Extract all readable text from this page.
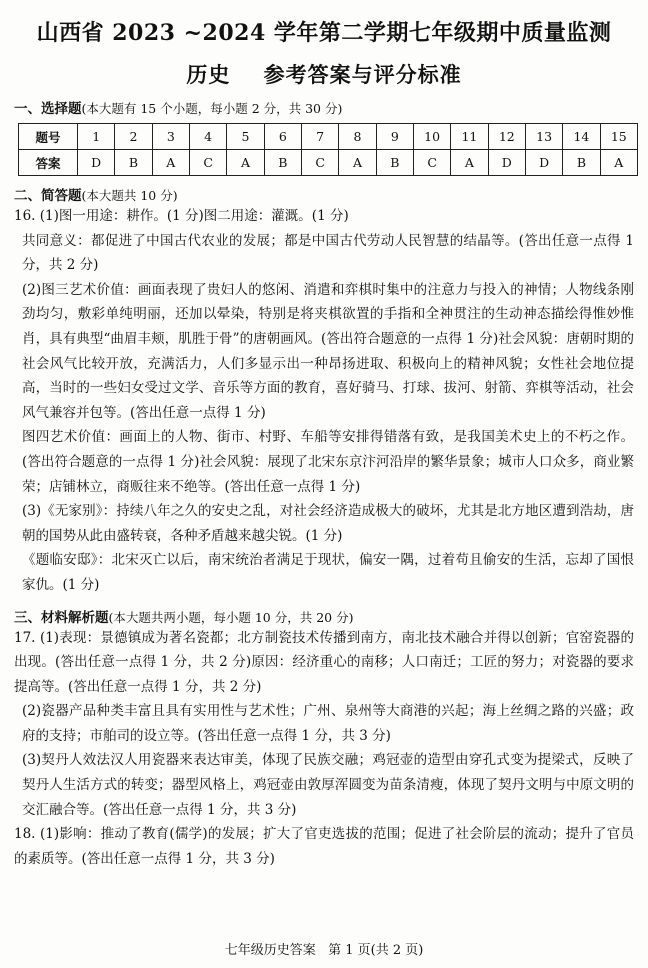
山西省 2023 ~2024 学年第二学期七年级期中质量监测
历史    参考答案与评分标准
一、选择题(本大题有 15 个小题，每小题 2 分，共 30 分)
题号	1	2	3	4	5	6	7	8	9	10	11	12	13	14	15
答案	D	B	A	C	A	B	C	A	B	C	A	D	D	B	A
二、简答题(本大题共 10 分)

16. (1)图一用途：耕作。(1 分)图二用途：灌溉。(1 分)

共同意义：都促进了中国古代农业的发展；都是中国古代劳动人民智慧的结晶等。(答出任意一点得 1 分，共 2 分)

(2)图三艺术价值：画面表现了贵妇人的悠闲、消遣和弈棋时集中的注意力与投入的神情；人物线条刚劲均匀，敷彩单纯明丽，还加以晕染，特别是将夹棋欲置的手指和全神贯注的生动神态描绘得惟妙惟肖，具有典型“曲眉丰颊，肌胜于骨”的唐朝画风。(答出符合题意的一点得 1 分)社会风貌：唐朝时期的社会风气比较开放，充满活力，人们多显示出一种昂扬进取、积极向上的精神风貌；女性社会地位提高，当时的一些妇女受过文学、音乐等方面的教育，喜好骑马、打球、拔河、射箭、弈棋等活动，社会风气兼容并包等。(答出任意一点得 1 分)

图四艺术价值：画面上的人物、街市、村野、车船等安排得错落有致，是我国美术史上的不朽之作。(答出符合题意的一点得 1 分)社会风貌：展现了北宋东京汴河沿岸的繁华景象；城市人口众多，商业繁荣；店铺林立，商贩往来不绝等。(答出任意一点得 1 分)

(3)《无家别》：持续八年之久的安史之乱，对社会经济造成极大的破坏，尤其是北方地区遭到浩劫，唐朝的国势从此由盛转衰，各种矛盾越来越尖锐。(1 分)

《题临安邸》：北宋灭亡以后，南宋统治者满足于现状，偏安一隅，过着苟且偷安的生活，忘却了国恨家仇。(1 分)

三、材料解析题(本大题共两小题，每小题 10 分，共 20 分)

17. (1)表现：景德镇成为著名瓷都；北方制瓷技术传播到南方，南北技术融合并得以创新；官窑瓷器的出现。(答出任意一点得 1 分，共 2 分)原因：经济重心的南移；人口南迁；工匠的努力；对瓷器的要求提高等。(答出任意一点得 1 分，共 2 分)

(2)瓷器产品种类丰富且具有实用性与艺术性；广州、泉州等大商港的兴起；海上丝绸之路的兴盛；政府的支持；市舶司的设立等。(答出任意一点得 1 分，共 3 分)

(3)契丹人效法汉人用瓷器来表达审美，体现了民族交融；鸡冠壶的造型由穿孔式变为提梁式，反映了契丹人生活方式的转变；器型风格上，鸡冠壶由敦厚浑圆变为苗条清瘦，体现了契丹文明与中原文明的交汇融合等。(答出任意一点得 1 分，共 3 分)

18. (1)影响：推动了教育(儒学)的发展；扩大了官吏选拔的范围；促进了社会阶层的流动；提升了官员的素质等。(答出任意一点得 1 分，共 3 分)

七年级历史答案   第 1 页(共 2 页)
